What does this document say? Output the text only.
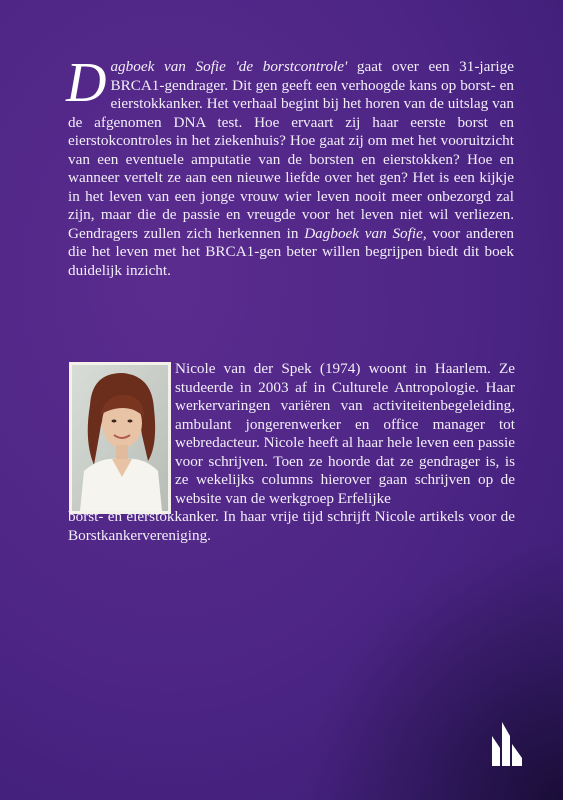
Dagboek van Sofie 'de borstcontrole' gaat over een 31-jarige BRCA1-gendrager. Dit gen geeft een verhoogde kans op borst- en eierstokkanker. Het verhaal begint bij het horen van de uitslag van de afgenomen DNA test. Hoe ervaart zij haar eerste borst en eierstokcontroles in het ziekenhuis? Hoe gaat zij om met het vooruitzicht van een eventuele amputatie van de borsten en eierstokken? Hoe en wanneer vertelt ze aan een nieuwe liefde over het gen? Het is een kijkje in het leven van een jonge vrouw wier leven nooit meer onbezorgd zal zijn, maar die de passie en vreugde voor het leven niet wil verliezen. Gendragers zullen zich herkennen in Dagboek van Sofie, voor anderen die het leven met het BRCA1-gen beter willen begrijpen biedt dit boek duidelijk inzicht.
Nicole van der Spek (1974) woont in Haarlem. Ze studeerde in 2003 af in Culturele Antropologie. Haar werkervaringen variëren van activiteitenbegeleiding, ambulant jongerenwerker en office manager tot webredacteur. Nicole heeft al haar hele leven een passie voor schrijven. Toen ze hoorde dat ze gendrager is, is ze wekelijks columns hierover gaan schrijven op de website van de werkgroep Erfelijke
borst- en eierstokkanker. In haar vrije tijd schrijft Nicole artikels voor de Borstkankervereniging.
